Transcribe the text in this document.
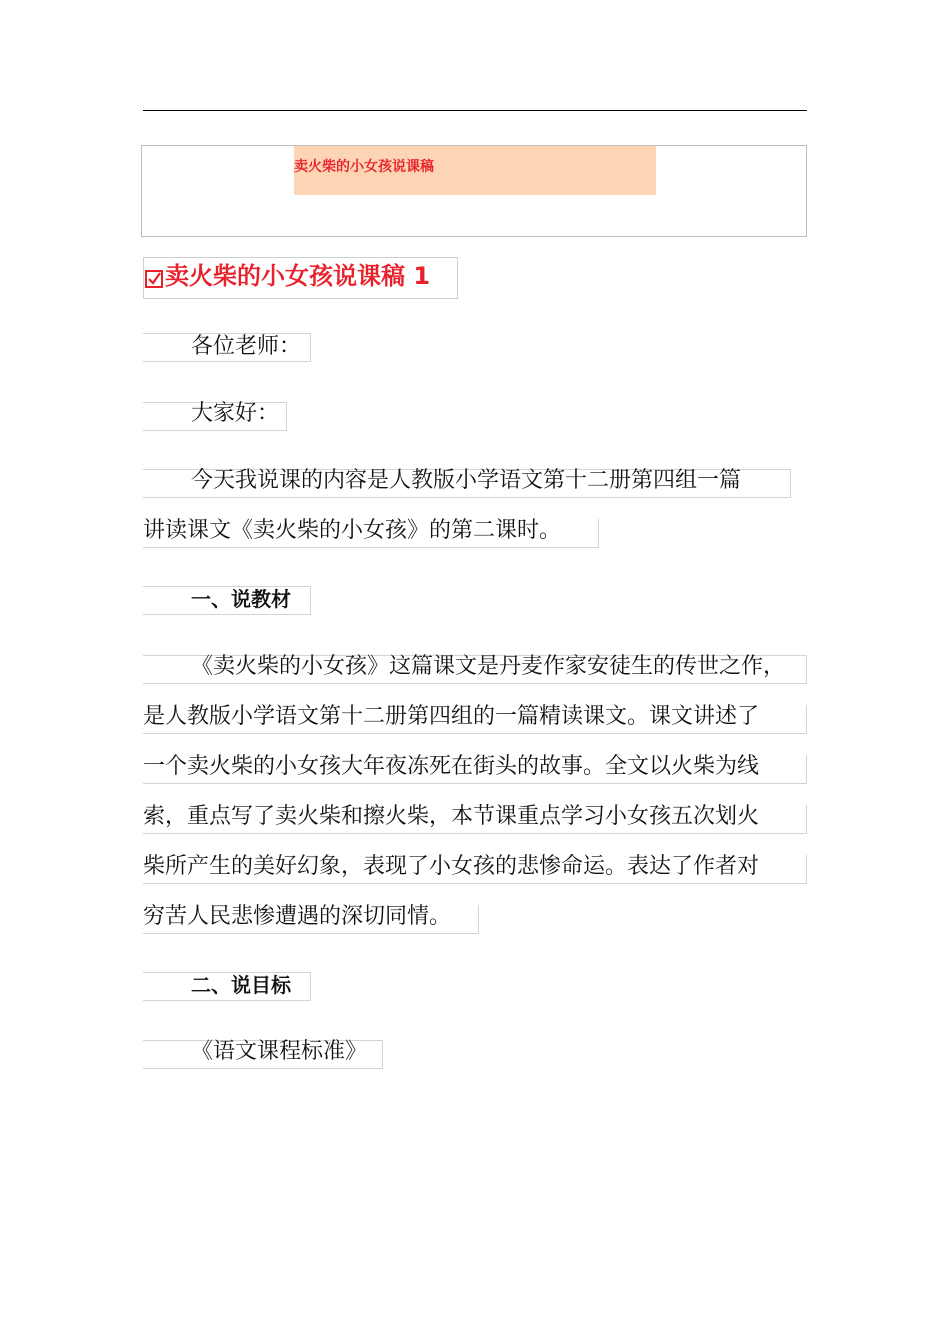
卖火柴的小女孩说课稿
卖火柴的小女孩说课稿 1
各位老师：
大家好：
今天我说课的内容是人教版小学语文第十二册第四组一篇
讲读课文《卖火柴的小女孩》的第二课时。
一、说教材
《卖火柴的小女孩》这篇课文是丹麦作家安徒生的传世之作，
是人教版小学语文第十二册第四组的一篇精读课文。课文讲述了
一个卖火柴的小女孩大年夜冻死在街头的故事。全文以火柴为线
索，重点写了卖火柴和擦火柴，本节课重点学习小女孩五次划火
柴所产生的美好幻象，表现了小女孩的悲惨命运。表达了作者对
穷苦人民悲惨遭遇的深切同情。
二、说目标
《语文课程标准》
